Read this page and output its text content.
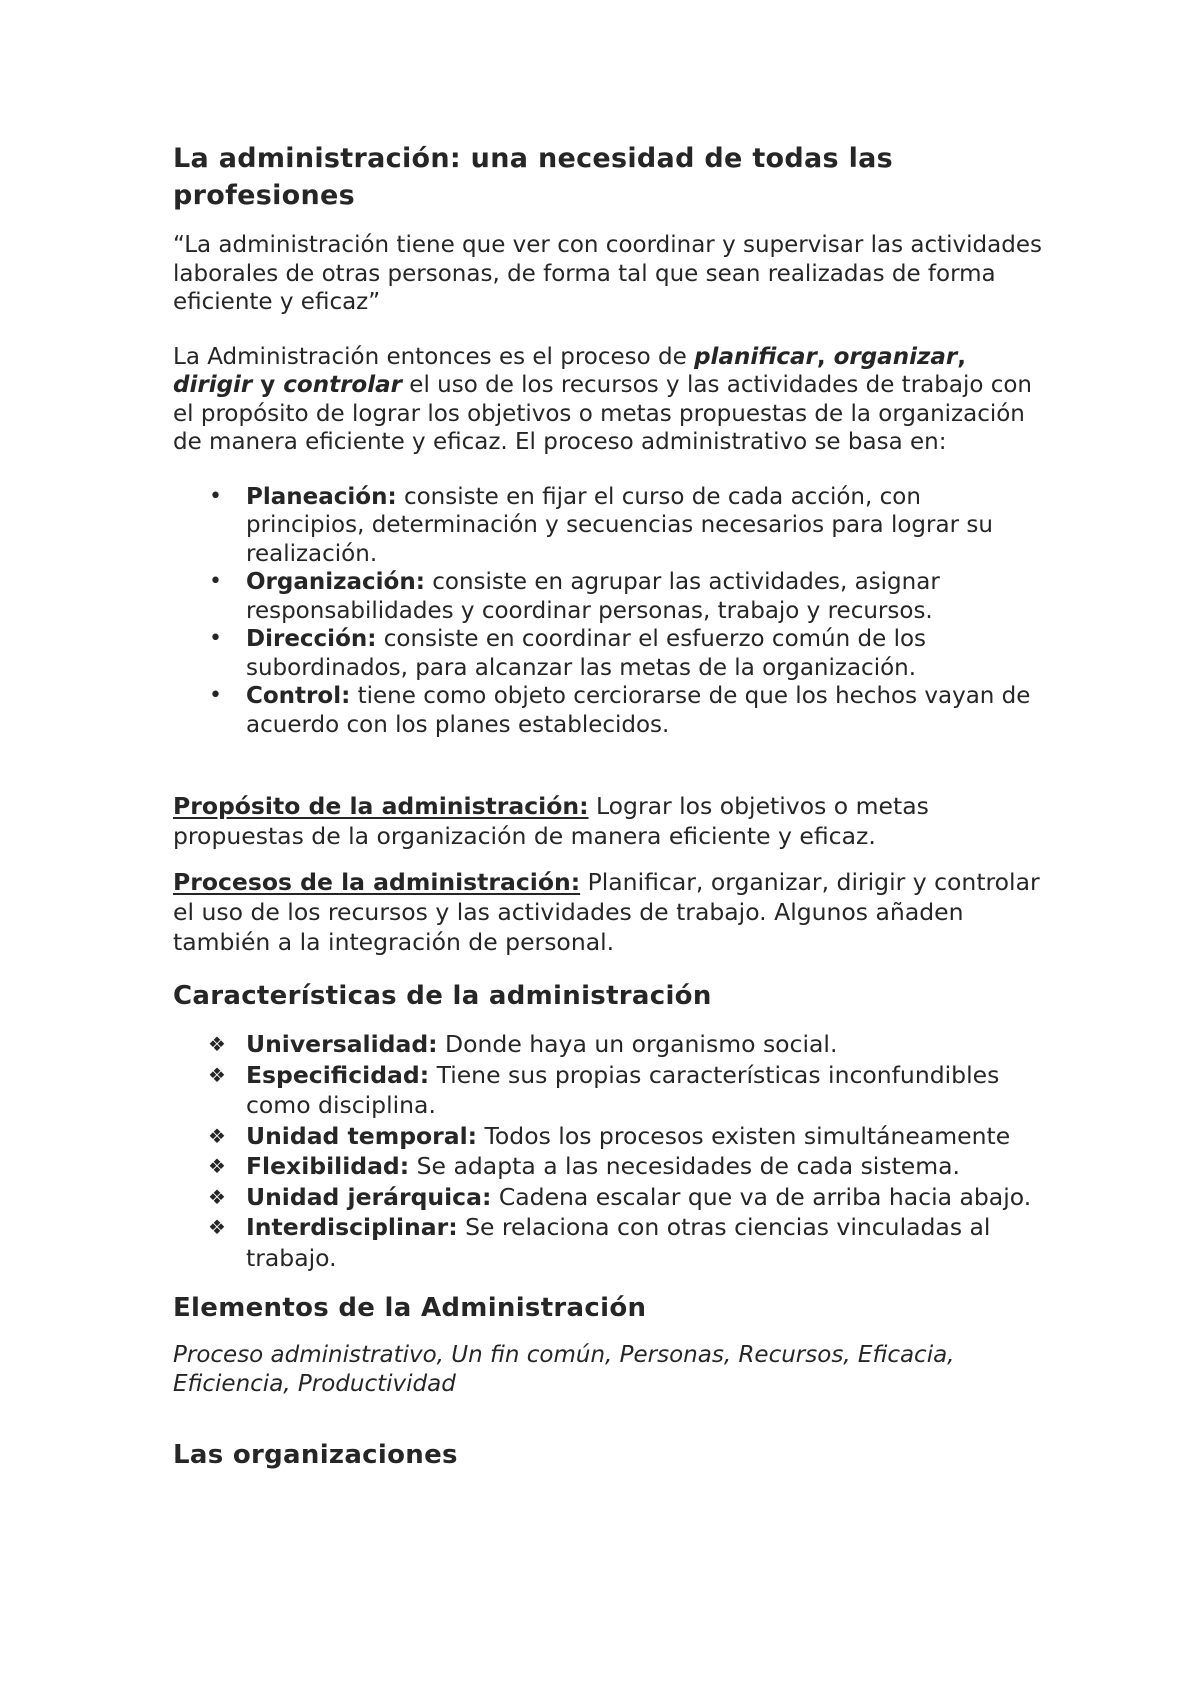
La administración: una necesidad de todas las profesiones

“La administración tiene que ver con coordinar y supervisar las actividades laborales de otras personas, de forma tal que sean realizadas de forma eficiente y eficaz”

La Administración entonces es el proceso de planificar, organizar, dirigir y controlar el uso de los recursos y las actividades de trabajo con el propósito de lograr los objetivos o metas propuestas de la organización de manera eficiente y eficaz. El proceso administrativo se basa en:

•	Planeación: consiste en fijar el curso de cada acción, con principios, determinación y secuencias necesarios para lograr su realización.
•	Organización: consiste en agrupar las actividades, asignar responsabilidades y coordinar personas, trabajo y recursos.
•	Dirección: consiste en coordinar el esfuerzo común de los subordinados, para alcanzar las metas de la organización.
•	Control: tiene como objeto cerciorarse de que los hechos vayan de acuerdo con los planes establecidos.

Propósito de la administración: Lograr los objetivos o metas propuestas de la organización de manera eficiente y eficaz.

Procesos de la administración: Planificar, organizar, dirigir y controlar el uso de los recursos y las actividades de trabajo. Algunos añaden también a la integración de personal.

Características de la administración
❖ Universalidad: Donde haya un organismo social.
❖ Especificidad: Tiene sus propias características inconfundibles como disciplina.
❖ Unidad temporal: Todos los procesos existen simultáneamente
❖ Flexibilidad: Se adapta a las necesidades de cada sistema.
❖ Unidad jerárquica: Cadena escalar que va de arriba hacia abajo.
❖ Interdisciplinar: Se relaciona con otras ciencias vinculadas al trabajo.
Elementos de la Administración

Proceso administrativo, Un fin común, Personas, Recursos, Eficacia, Eficiencia, Productividad

Las organizaciones
